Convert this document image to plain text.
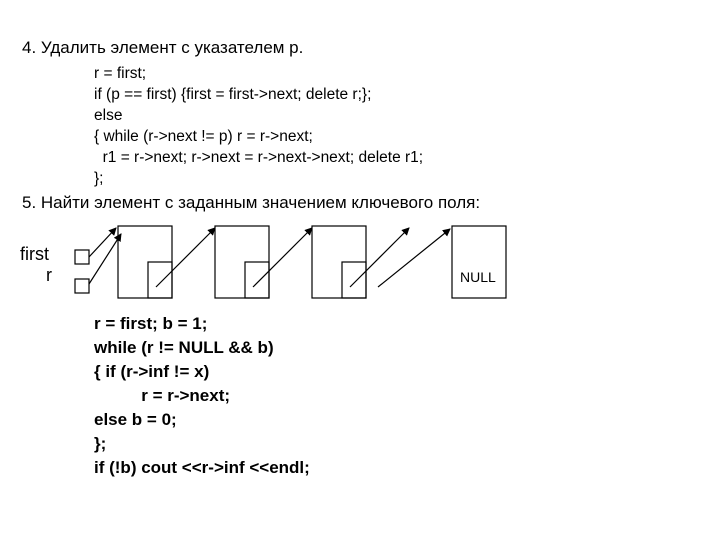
4. Удалить элемент с указателем p.
r = first;
if (p == first) {first = first->next; delete r;};
else
{ while (r->next != p) r = r->next;
r1 = r->next; r->next = r->next->next; delete r1;
};
5. Найти элемент с заданным значением ключевого поля:
first
r	NULL
r = first; b = 1;
while (r != NULL && b)
{ if (r->inf != x)
r = r->next;
else b = 0;
};
if (!b) cout <<r->inf <<endl;
